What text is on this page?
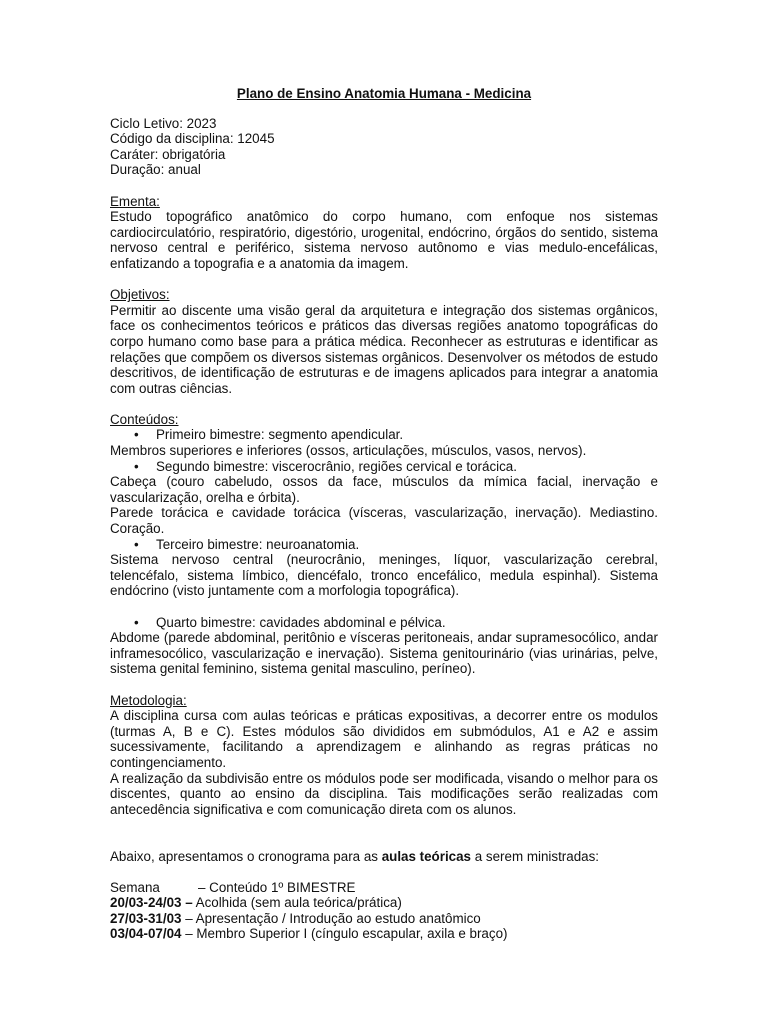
Plano de Ensino Anatomia Humana - Medicina

Ciclo Letivo: 2023

Código da disciplina: 12045

Caráter: obrigatória

Duração: anual

Ementa:

Estudo topográfico anatômico do corpo humano, com enfoque nos sistemas cardiocirculatório, respiratório, digestório, urogenital, endócrino, órgãos do sentido, sistema nervoso central e periférico, sistema nervoso autônomo e vias medulo-encefálicas, enfatizando a topografia e a anatomia da imagem.

Objetivos:

Permitir ao discente uma visão geral da arquitetura e integração dos sistemas orgânicos, face os conhecimentos teóricos e práticos das diversas regiões anatomo topográficas do corpo humano como base para a prática médica. Reconhecer as estruturas e identificar as relações que compõem os diversos sistemas orgânicos. Desenvolver os métodos de estudo descritivos, de identificação de estruturas e de imagens aplicados para integrar a anatomia com outras ciências.

Conteúdos:

• Primeiro bimestre: segmento apendicular.

Membros superiores e inferiores (ossos, articulações, músculos, vasos, nervos).

• Segundo bimestre: viscerocrânio, regiões cervical e torácica.

Cabeça (couro cabeludo, ossos da face, músculos da mímica facial, inervação e vascularização, orelha e órbita).

Parede torácica e cavidade torácica (vísceras, vascularização, inervação). Mediastino. Coração.

• Terceiro bimestre: neuroanatomia.

Sistema nervoso central (neurocrânio, meninges, líquor, vascularização cerebral, telencéfalo, sistema límbico, diencéfalo, tronco encefálico, medula espinhal). Sistema endócrino (visto juntamente com a morfologia topográfica).

• Quarto bimestre: cavidades abdominal e pélvica.

Abdome (parede abdominal, peritônio e vísceras peritoneais, andar supramesocólico, andar inframesocólico, vascularização e inervação). Sistema genitourinário (vias urinárias, pelve, sistema genital feminino, sistema genital masculino, períneo).

Metodologia:

A disciplina cursa com aulas teóricas e práticas expositivas, a decorrer entre os modulos (turmas A, B e C). Estes módulos são divididos em submódulos, A1 e A2 e assim sucessivamente, facilitando a aprendizagem e alinhando as regras práticas no contingenciamento.

A realização da subdivisão entre os módulos pode ser modificada, visando o melhor para os discentes, quanto ao ensino da disciplina. Tais modificações serão realizadas com antecedência significativa e com comunicação direta com os alunos.

Abaixo, apresentamos o cronograma para as aulas teóricas a serem ministradas:

Semana	– Conteúdo 1º BIMESTRE

20/03-24/03 – Acolhida (sem aula teórica/prática)

27/03-31/03 – Apresentação / Introdução ao estudo anatômico

03/04-07/04 – Membro Superior I (cíngulo escapular, axila e braço)
